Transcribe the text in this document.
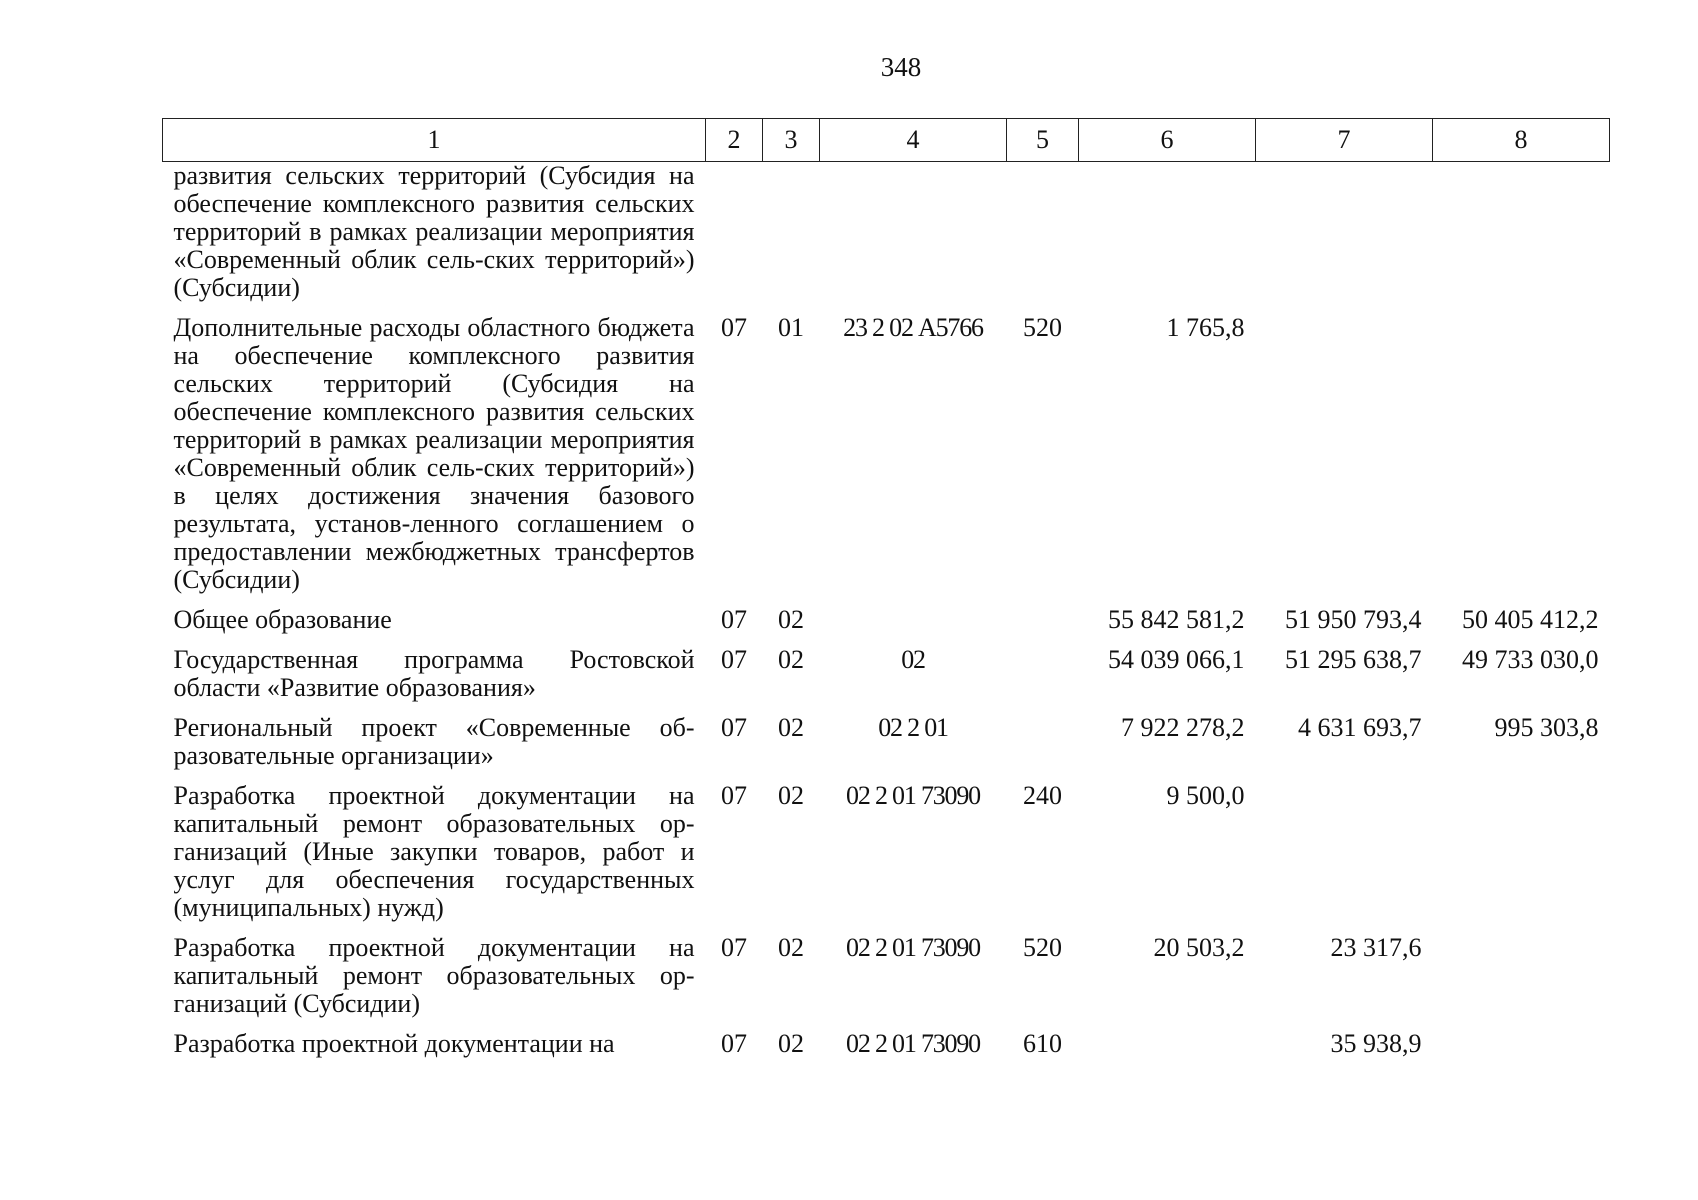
348
1	2	3	4	5	6	7	8
развития сельских территорий (Субсидия на обеспечение комплексного развития сельских территорий в рамках реализации мероприятия «Современный облик сель-ских территорий») (Субсидии)							
Дополнительные расходы областного бюджета на обеспечение комплексного развития сельских территорий (Субсидия на обеспечение комплексного развития сельских территорий в рамках реализации мероприятия «Современный облик сель-ских территорий») в целях достижения значения базового результата, установ-ленного соглашением о предоставлении межбюджетных трансфертов (Субсидии)	07	01	23 2 02 А5766	520	1 765,8		
Общее образование	07	02			55 842 581,2	51 950 793,4	50 405 412,2
Государственная программа Ростовской области «Развитие образования»	07	02	02		54 039 066,1	51 295 638,7	49 733 030,0
Региональный проект «Современные об-разовательные организации»	07	02	02 2 01		7 922 278,2	4 631 693,7	995 303,8
Разработка проектной документации на капитальный ремонт образовательных ор-ганизаций (Иные закупки товаров, работ и услуг для обеспечения государственных (муниципальных) нужд)	07	02	02 2 01 73090	240	9 500,0		
Разработка проектной документации на капитальный ремонт образовательных ор-ганизаций (Субсидии)	07	02	02 2 01 73090	520	20 503,2	23 317,6	
Разработка проектной документации на	07	02	02 2 01 73090	610		35 938,9	
